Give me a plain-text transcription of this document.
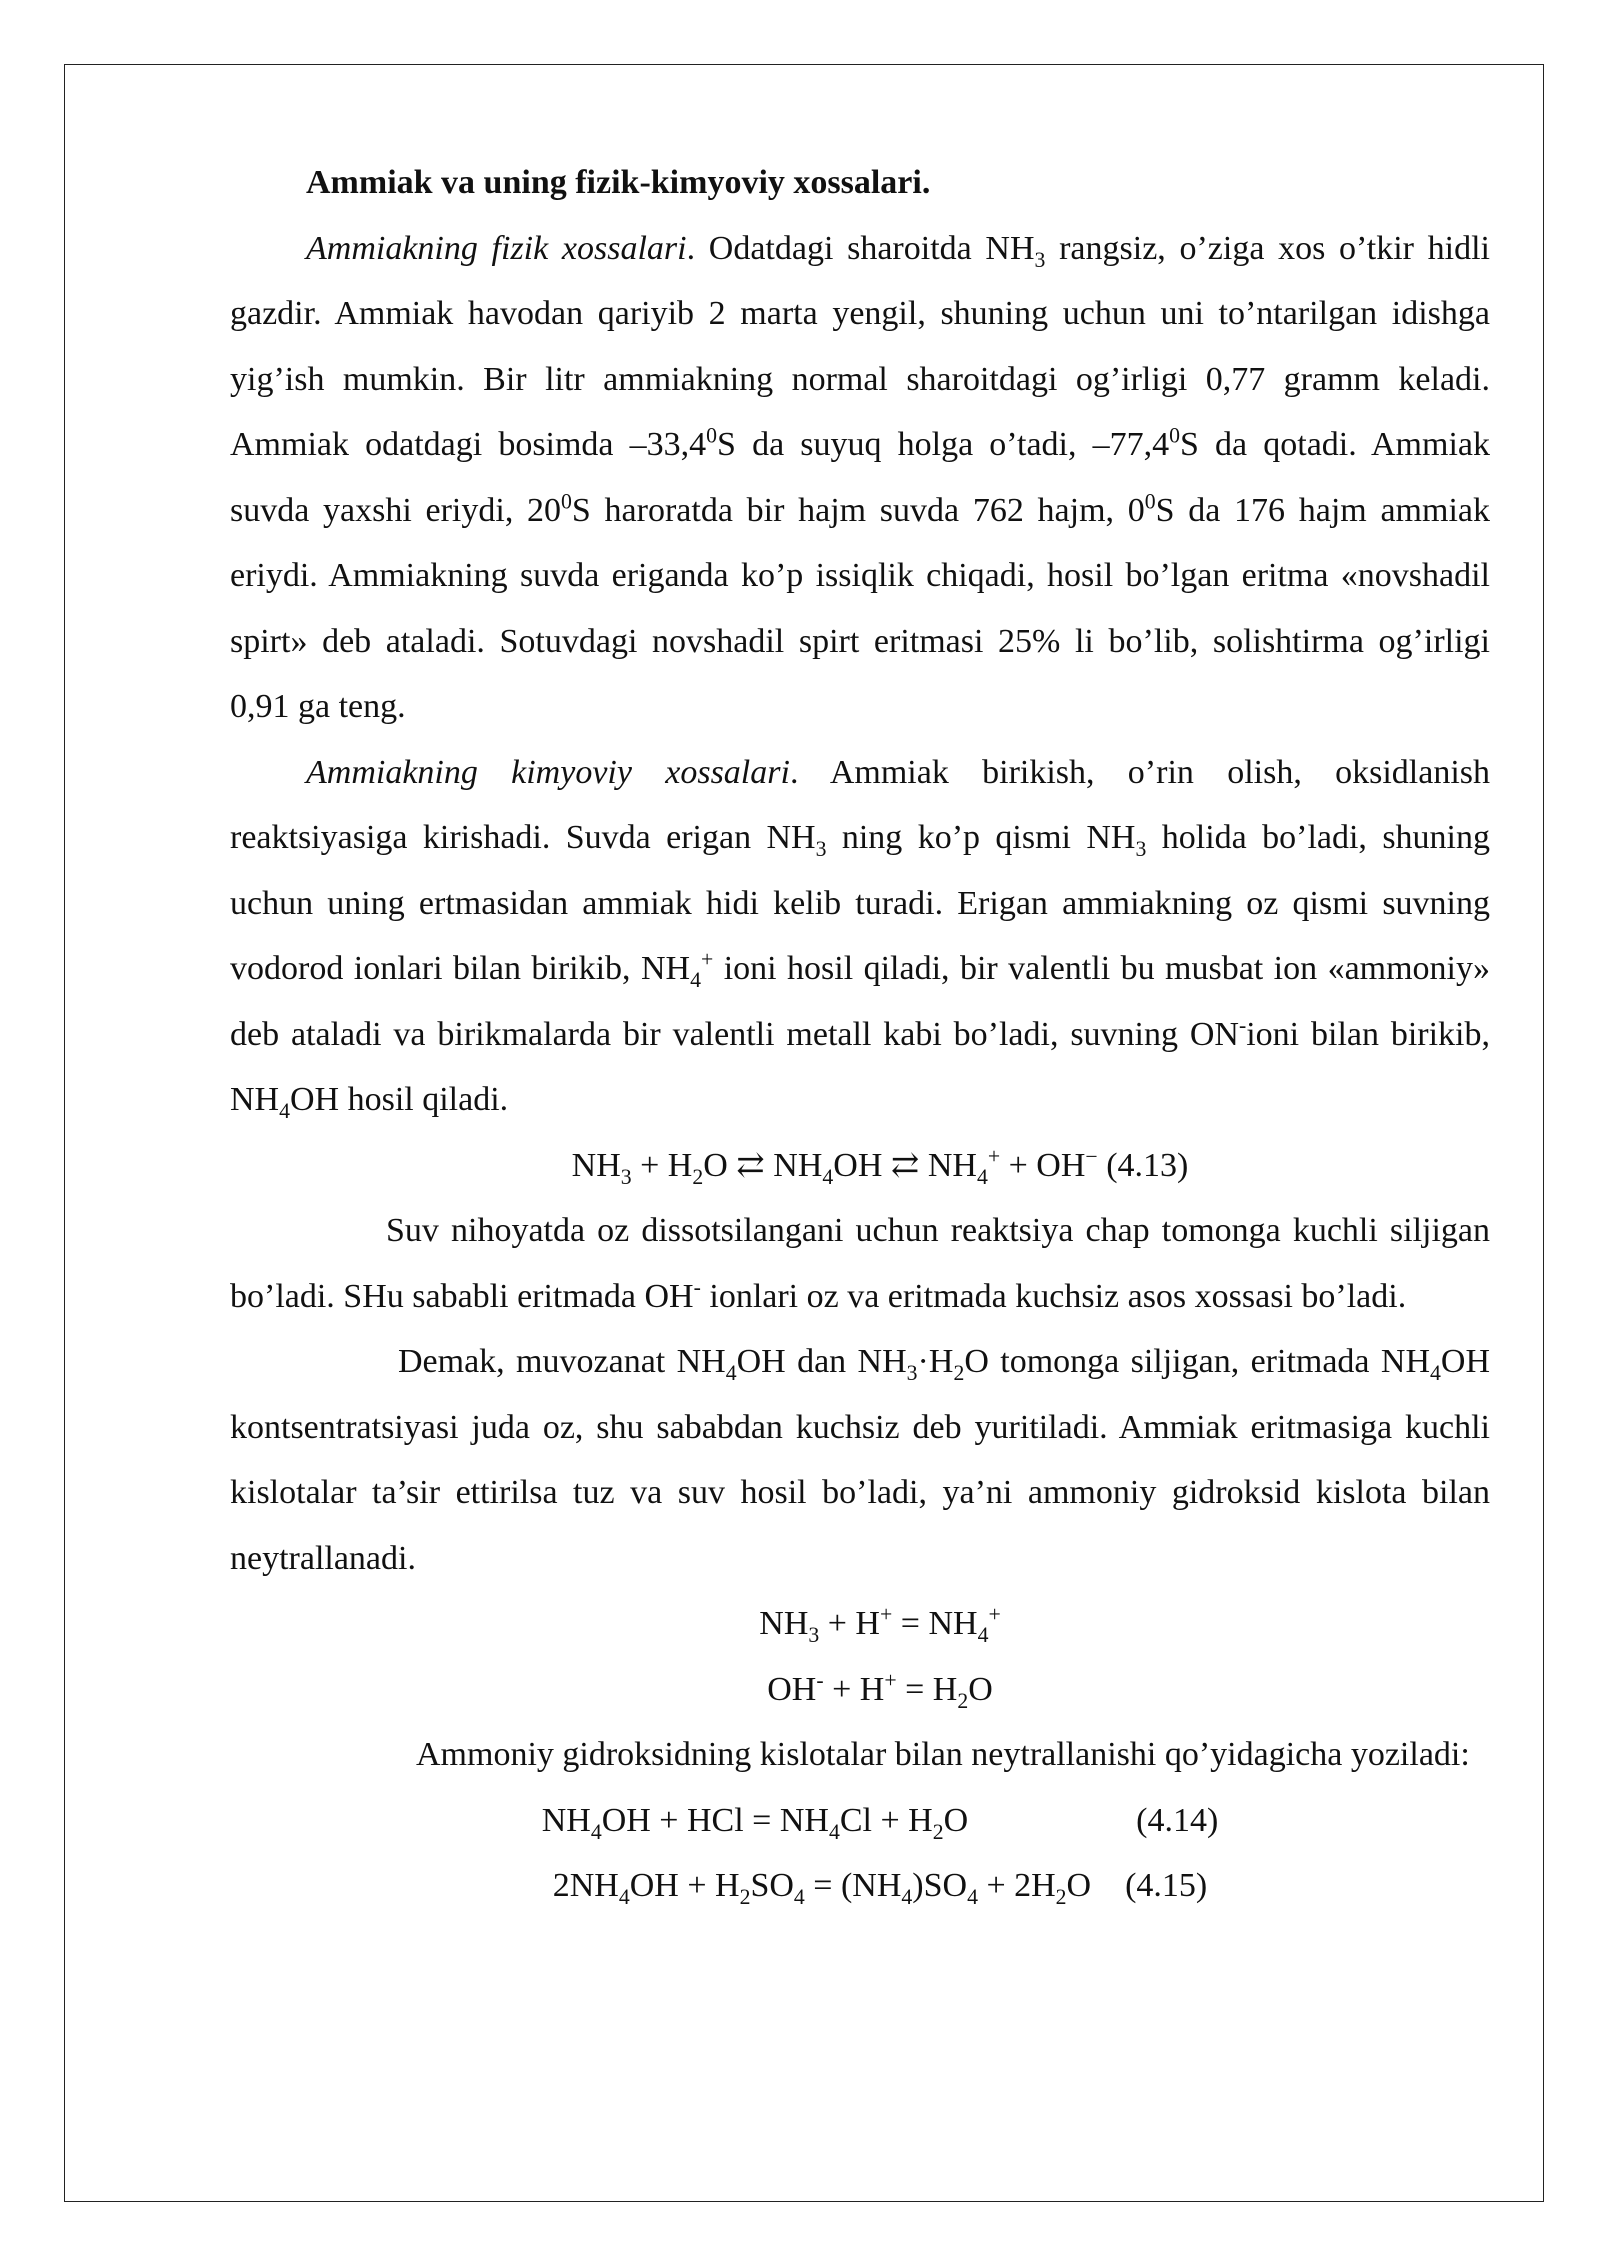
Ammiak va uning fizik-kimyoviy xossalari.

Ammiakning fizik xossalari. Odatdagi sharoitda $NH_3$ rangsiz, o’ziga xos o’tkir hidli gazdir. Ammiak havodan qariyib 2 marta yengil, shuning uchun uni to’ntarilgan idishga yig’ish mumkin. Bir litr ammiakning normal sharoitdagi og’irligi 0,77 gramm keladi. Ammiak odatdagi bosimda –33,4$^0$S da suyuq holga o’tadi, –77,4$^0$S da qotadi. Ammiak suvda yaxshi eriydi, $20^0S$ haroratda bir hajm suvda 762 hajm, $0^0S$ da 176 hajm ammiak eriydi. Ammiakning suvda eriganda ko’p issiqlik chiqadi, hosil bo’lgan eritma «novshadil spirt» deb ataladi. Sotuvdagi novshadil spirt eritmasi 25% li bo’lib, solishtirma og’irligi 0,91 ga teng.

Ammiakning kimyoviy xossalari. Ammiak birikish, o’rin olish, oksidlanish reaktsiyasiga kirishadi. Suvda erigan $NH_3$ ning ko’p qismi $NH_3$ holida bo’ladi, shuning uchun uning ertmasidan ammiak hidi kelib turadi. Erigan ammiakning oz qismi suvning vodorod ionlari bilan birikib, $NH_4^+$ ioni hosil qiladi, bir valentli bu musbat ion «ammoniy» deb ataladi va birikmalarda bir valentli metall kabi bo’ladi, suvning ON-ioni bilan birikib, $NH_4OH$ hosil qiladi.

$NH_3 + H_2O$ ⇄ $NH_4OH$ ⇄ $NH_4^+ + OH^-$ (4.13)

Suv nihoyatda oz dissotsilangani uchun reaktsiya chap tomonga kuchli siljigan bo’ladi. SHu sababli eritmada OH- ionlari oz va eritmada kuchsiz asos xossasi bo’ladi.

Demak, muvozanat $NH_4OH$ dan $NH_3\cdot H_2O$ tomonga siljigan, eritmada $NH_4OH$ kontsentratsiyasi juda oz, shu sababdan kuchsiz deb yuritiladi. Ammiak eritmasiga kuchli kislotalar ta’sir ettirilsa tuz va suv hosil bo’ladi, ya’ni ammoniy gidroksid kislota bilan neytrallanadi.

$NH_3 + H^+ = NH_4^+$

$OH^- + H^+ = H_2O$

Ammoniy gidroksidning kislotalar bilan neytrallanishi qo’yidagicha yoziladi:

$NH_4OH$ + HCl = $NH_4Cl + H_2O$	(4.14)

$2NH_4OH + H_2SO_4 = (NH_4)SO_4 + 2H_2O$    (4.15)
